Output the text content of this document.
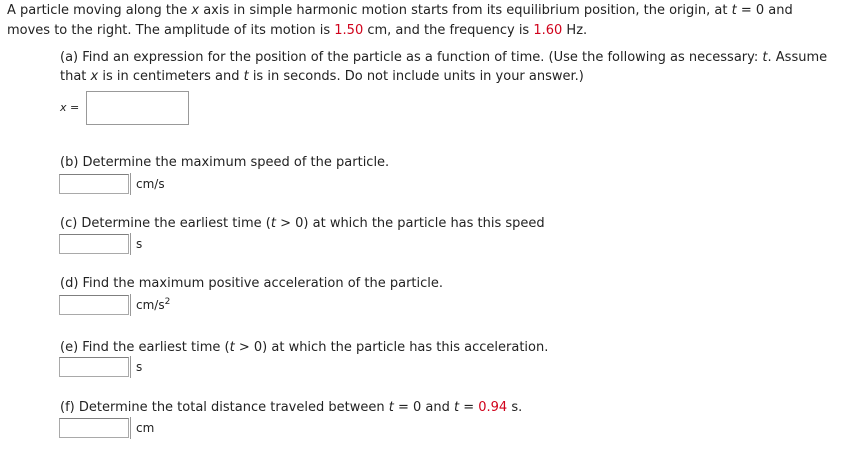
A particle moving along the x axis in simple harmonic motion starts from its equilibrium position, the origin, at t = 0 and
moves to the right. The amplitude of its motion is 1.50 cm, and the frequency is 1.60 Hz.
(a) Find an expression for the position of the particle as a function of time. (Use the following as necessary: t. Assume
that x is in centimeters and t is in seconds. Do not include units in your answer.)
x =
(b) Determine the maximum speed of the particle.
cm/s
(c) Determine the earliest time (t > 0) at which the particle has this speed
s
(d) Find the maximum positive acceleration of the particle.
$cm/s^2$
(e) Find the earliest time (t > 0) at which the particle has this acceleration.
s
(f) Determine the total distance traveled between t = 0 and t = 0.94 s.
cm
